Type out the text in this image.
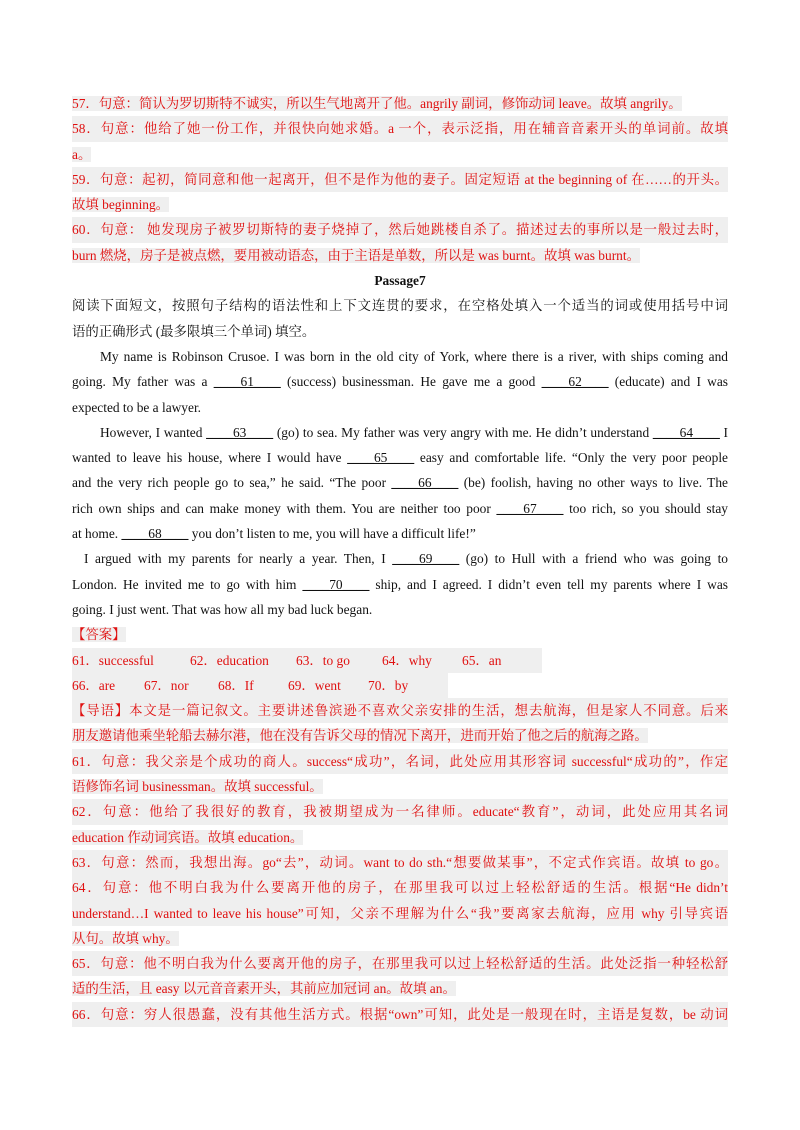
57．句意：简认为罗切斯特不诚实，所以生气地离开了他。angrily 副词，修饰动词 leave。故填 angrily。
58．句意：他给了她一份工作，并很快向她求婚。a 一个，表示泛指，用在辅音音素开头的单词前。故填
a。
59．句意：起初，简同意和他一起离开，但不是作为他的妻子。固定短语 at the beginning of 在……的开头。
故填 beginning。
60．句意： 她发现房子被罗切斯特的妻子烧掉了，然后她跳楼自杀了。描述过去的事所以是一般过去时，
burn 燃烧，房子是被点燃，要用被动语态，由于主语是单数，所以是 was burnt。故填 was burnt。
Passage7
阅读下面短文，按照句子结构的语法性和上下文连贯的要求，在空格处填入一个适当的词或使用括号中词
语的正确形式 (最多限填三个单词) 填空。
My name is Robinson Crusoe. I was born in the old city of York, where there is a river, with ships coming and
going. My father was a ____61____ (success) businessman. He gave me a good ____62____ (educate) and I was
expected to be a lawyer.
However, I wanted ____63____ (go) to sea. My father was very angry with me. He didn’t understand ____64____ I
wanted to leave his house, where I would have ____65____ easy and comfortable life. “Only the very poor people
and the very rich people go to sea,” he said. “The poor ____66____ (be) foolish, having no other ways to live. The
rich own ships and can make money with them. You are neither too poor ____67____ too rich, so you should stay
at home. ____68____ you don’t listen to me, you will have a difficult life!”
I argued with my parents for nearly a year. Then, I ____69____ (go) to Hull with a friend who was going to
London. He invited me to go with him ____70____ ship, and I agreed. I didn’t even tell my parents where I was
going. I just went. That was how all my bad luck began.
【答案】
61．successful	62．education 63．to go 64．why 65．an
66．are 67．nor 68．If	69．went 70．by
【导语】本文是一篇记叙文。主要讲述鲁滨逊不喜欢父亲安排的生活，想去航海，但是家人不同意。后来
朋友邀请他乘坐轮船去赫尔港，他在没有告诉父母的情况下离开，进而开始了他之后的航海之路。
61．句意：我父亲是个成功的商人。success“成功”，名词，此处应用其形容词 successful“成功的”，作定
语修饰名词 businessman。故填 successful。
62．句意：他给了我很好的教育，我被期望成为一名律师。educate“教育”，动词，此处应用其名词
education 作动词宾语。故填 education。
63．句意：然而，我想出海。go“去”，动词。want to do sth.“想要做某事”，不定式作宾语。故填 to go。
64．句意：他不明白我为什么要离开他的房子，在那里我可以过上轻松舒适的生活。根据“He didn’t
understand…I wanted to leave his house”可知，父亲不理解为什么“我”要离家去航海，应用 why 引导宾语
从句。故填 why。
65．句意：他不明白我为什么要离开他的房子，在那里我可以过上轻松舒适的生活。此处泛指一种轻松舒
适的生活，且 easy 以元音音素开头，其前应加冠词 an。故填 an。
66．句意：穷人很愚蠢，没有其他生活方式。根据“own”可知，此处是一般现在时，主语是复数，be 动词
